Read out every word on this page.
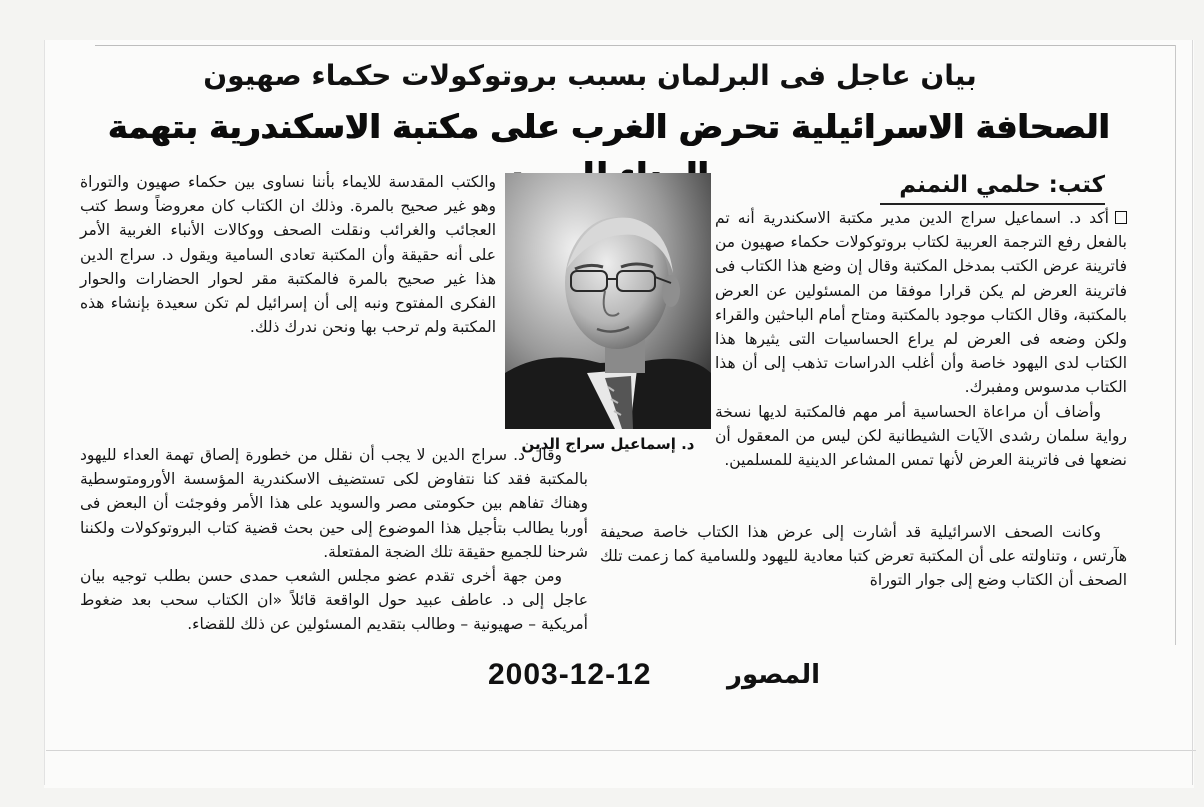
بيان عاجل فى البرلمان بسبب بروتوكولات حكماء صهيون
الصحافة الاسرائيلية تحرض الغرب على مكتبة الاسكندرية بتهمة
كتب: حلمي النمنم

أكد د. اسماعيل سراج الدين مدير مكتبة الاسكندرية أنه تم بالفعل رفع الترجمة العربية لكتاب بروتوكولات حكماء صهيون من فاترينة عرض الكتب بمدخل المكتبة وقال إن وضع هذا الكتاب فى فاترينة العرض لم يكن قرارا موفقا من المسئولين عن العرض بالمكتبة، وقال الكتاب موجود بالمكتبة ومتاح أمام الباحثين والقراء ولكن وضعه فى العرض لم يراع الحساسيات التى يثيرها هذا الكتاب لدى اليهود خاصة وأن أغلب الدراسات تذهب إلى أن هذا الكتاب مدسوس ومفبرك.

وأضاف أن مراعاة الحساسية أمر مهم فالمكتبة لديها نسخة رواية سلمان رشدى الآيات الشيطانية لكن ليس من المعقول أن نضعها فى فاترينة العرض لأنها تمس المشاعر الدينية للمسلمين.

وكانت الصحف الاسرائيلية قد أشارت إلى عرض هذا الكتاب خاصة صحيفة هآرتس ، وتناولته على أن المكتبة تعرض كتبا معادية لليهود وللسامية كما زعمت تلك الصحف أن الكتاب وضع إلى جوار التوراة

د. إسماعيل سراج الدين

والكتب المقدسة للايماء بأننا نساوى بين حكماء صهيون والتوراة وهو غير صحيح بالمرة. وذلك ان الكتاب كان معروضاً وسط كتب العجائب والغرائب ونقلت الصحف ووكالات الأنباء الغربية الأمر على أنه حقيقة وأن المكتبة تعادى السامية ويقول د. سراج الدين هذا غير صحيح بالمرة فالمكتبة مقر لحوار الحضارات والحوار الفكرى المفتوح ونبه إلى أن إسرائيل لم تكن سعيدة بإنشاء هذه المكتبة ولم ترحب بها ونحن ندرك ذلك.

وقال د. سراج الدين لا يجب أن نقلل من خطورة إلصاق تهمة العداء لليهود بالمكتبة فقد كنا نتفاوض لكى تستضيف الاسكندرية المؤسسة الأورومتوسطية وهناك تفاهم بين حكومتى مصر والسويد على هذا الأمر وفوجئت أن البعض فى أوربا يطالب بتأجيل هذا الموضوع إلى حين بحث قضية كتاب البروتوكولات ولكننا شرحنا للجميع حقيقة تلك الضجة المفتعلة.

ومن جهة أخرى تقدم عضو مجلس الشعب حمدى حسن بطلب توجيه بيان عاجل إلى د. عاطف عبيد حول الواقعة قائلاً «ان الكتاب سحب بعد ضغوط أمريكية – صهيونية – وطالب بتقديم المسئولين عن ذلك للقضاء.

المصور
2003-12-12
